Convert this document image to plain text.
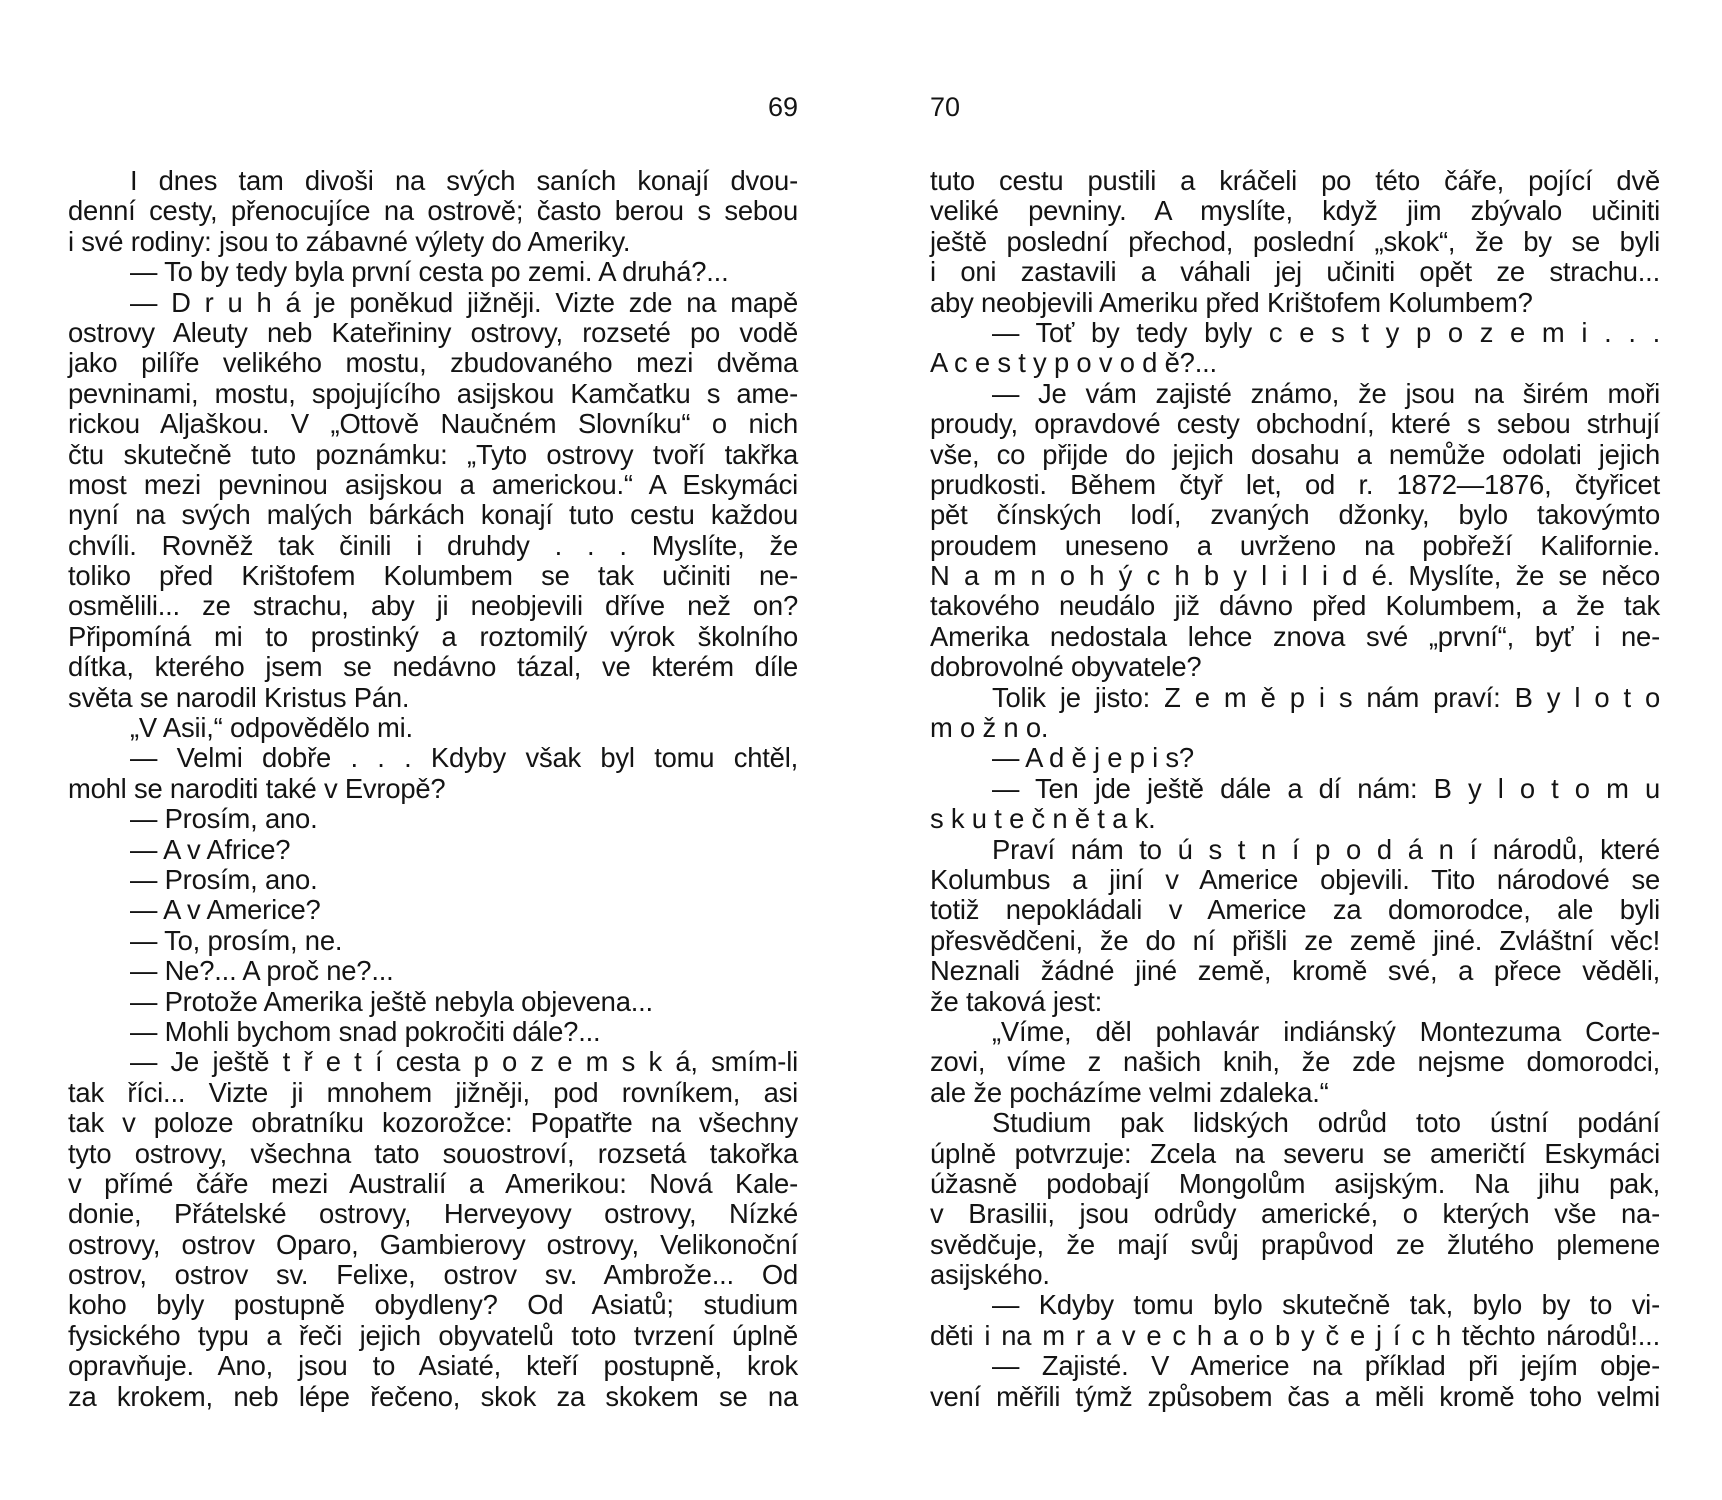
69
I dnes tam divoši na svých saních konají dvou-
denní cesty, přenocujíce na ostrově; často berou s sebou
i své rodiny: jsou to zábavné výlety do Ameriky.
— To by tedy byla první cesta po zemi. A druhá?...
— D r u h á je poněkud jižněji. Vizte zde na mapě
ostrovy Aleuty neb Kateřininy ostrovy, rozseté po vodě
jako pilíře velikého mostu, zbudovaného mezi dvěma
pevninami, mostu, spojujícího asijskou Kamčatku s ame-
rickou Aljaškou. V „Ottově Naučném Slovníku“ o nich
čtu skutečně tuto poznámku: „Tyto ostrovy tvoří takřka
most mezi pevninou asijskou a americkou.“ A Eskymáci
nyní na svých malých bárkách konají tuto cestu každou
chvíli. Rovněž tak činili i druhdy . . . Myslíte, že
toliko před Krištofem Kolumbem se tak učiniti ne-
osmělili... ze strachu, aby ji neobjevili dříve než on?
Připomíná mi to prostinký a roztomilý výrok školního
dítka, kterého jsem se nedávno tázal, ve kterém díle
světa se narodil Kristus Pán.
„V Asii,“ odpovědělo mi.
— Velmi dobře . . . Kdyby však byl tomu chtěl,
mohl se naroditi také v Evropě?
— Prosím, ano.
— A v Africe?
— Prosím, ano.
— A v Americe?
— To, prosím, ne.
— Ne?... A proč ne?...
— Protože Amerika ještě nebyla objevena...
— Mohli bychom snad pokročiti dále?...
— Je ještě t ř e t í cesta p o z e m s k á, smím-li
tak říci... Vizte ji mnohem jižněji, pod rovníkem, asi
tak v poloze obratníku kozorožce: Popatřte na všechny
tyto ostrovy, všechna tato souostroví, rozsetá takořka
v přímé čáře mezi Australií a Amerikou: Nová Kale-
donie, Přátelské ostrovy, Herveyovy ostrovy, Nízké
ostrovy, ostrov Oparo, Gambierovy ostrovy, Velikonoční
ostrov, ostrov sv. Felixe, ostrov sv. Ambrože... Od
koho byly postupně obydleny? Od Asiatů; studium
fysického typu a řeči jejich obyvatelů toto tvrzení úplně
opravňuje. Ano, jsou to Asiaté, kteří postupně, krok
za krokem, neb lépe řečeno, skok za skokem se na
70
tuto cestu pustili a kráčeli po této čáře, pojící dvě
veliké pevniny. A myslíte, když jim zbývalo učiniti
ještě poslední přechod, poslední „skok“, že by se byli
i oni zastavili a váhali jej učiniti opět ze strachu...
aby neobjevili Ameriku před Krištofem Kolumbem?
— Toť by tedy byly c e s t y p o z e m i . . .
A c e s t y p o v o d ě?...
— Je vám zajisté známo, že jsou na širém moři
proudy, opravdové cesty obchodní, které s sebou strhují
vše, co přijde do jejich dosahu a nemůže odolati jejich
prudkosti. Během čtyř let, od r. 1872—1876, čtyřicet
pět čínských lodí, zvaných džonky, bylo takovýmto
proudem uneseno a uvrženo na pobřeží Kalifornie.
N a m n o h ý c h b y l i l i d é. Myslíte, že se něco
takového neudálo již dávno před Kolumbem, a že tak
Amerika nedostala lehce znova své „první“, byť i ne-
dobrovolné obyvatele?
Tolik je jisto: Z e m ě p i s nám praví: B y l o t o
m o ž n o.
— A d ě j e p i s?
— Ten jde ještě dále a dí nám: B y l o t o m u
s k u t e č n ě t a k.
Praví nám to ú s t n í p o d á n í národů, které
Kolumbus a jiní v Americe objevili. Tito národové se
totiž nepokládali v Americe za domorodce, ale byli
přesvědčeni, že do ní přišli ze země jiné. Zvláštní věc!
Neznali žádné jiné země, kromě své, a přece věděli,
že taková jest:
„Víme, děl pohlavár indiánský Montezuma Corte-
zovi, víme z našich knih, že zde nejsme domorodci,
ale že pocházíme velmi zdaleka.“
Studium pak lidských odrůd toto ústní podání
úplně potvrzuje: Zcela na severu se američtí Eskymáci
úžasně podobají Mongolům asijským. Na jihu pak,
v Brasilii, jsou odrůdy americké, o kterých vše na-
svědčuje, že mají svůj prapůvod ze žlutého plemene
asijského.
— Kdyby tomu bylo skutečně tak, bylo by to vi-
děti i na m r a v e c h a o b y č e j í c h těchto národů!...
— Zajisté. V Americe na příklad při jejím obje-
vení měřili týmž způsobem čas a měli kromě toho velmi
